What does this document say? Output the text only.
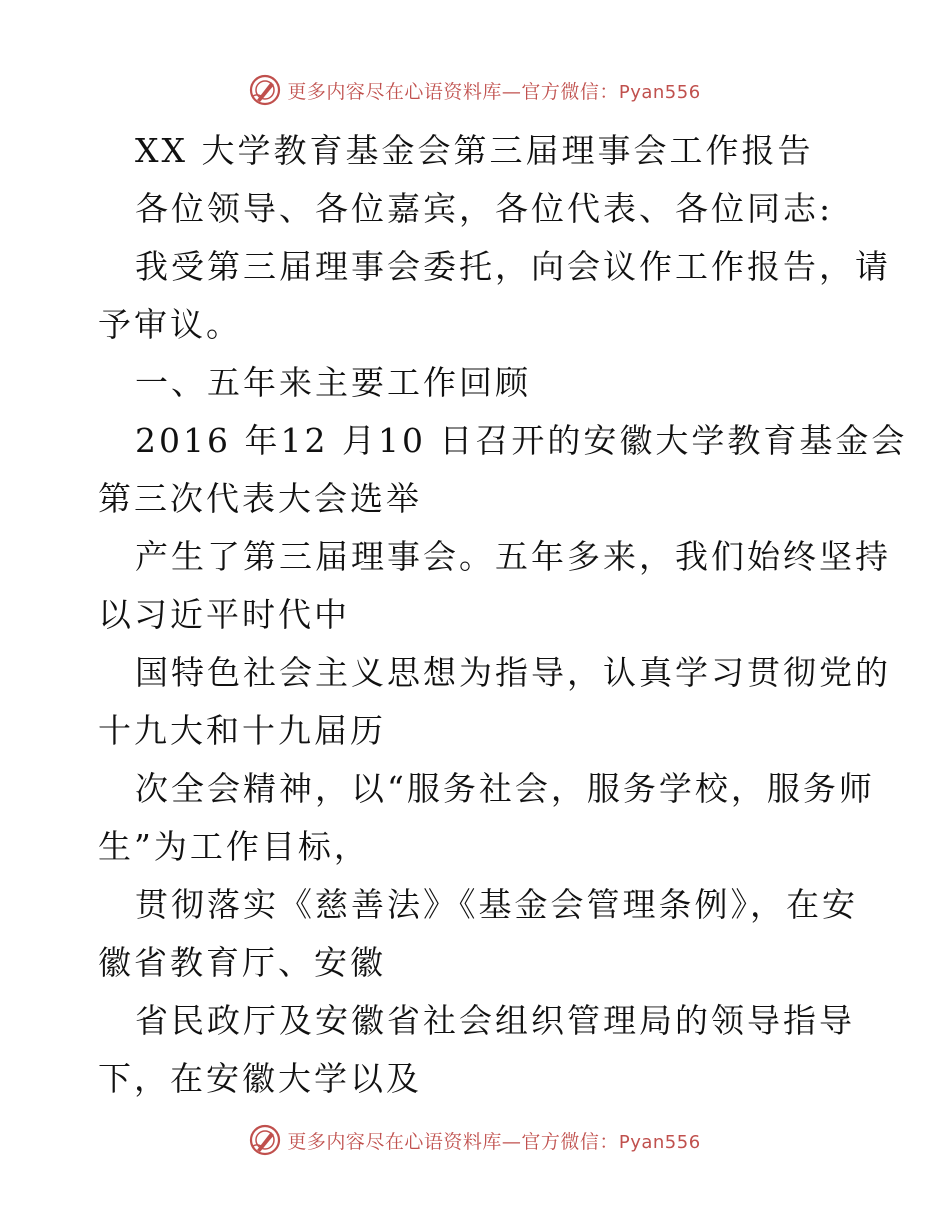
更多内容尽在心语资料库—官方微信：Pyan556
XX 大学教育基金会第三届理事会工作报告
各位领导、各位嘉宾，各位代表、各位同志:
我受第三届理事会委托，向会议作工作报告，请
予审议。
一、五年来主要工作回顾
2016 年12 月10 日召开的安徽大学教育基金会
第三次代表大会选举
产生了第三届理事会。五年多来，我们始终坚持
以习近平时代中
国特色社会主义思想为指导，认真学习贯彻党的
十九大和十九届历
次全会精神，以“服务社会，服务学校，服务师
生”为工作目标，
贯彻落实《慈善法》《基金会管理条例》，在安
徽省教育厅、安徽
省民政厅及安徽省社会组织管理局的领导指导
下，在安徽大学以及
更多内容尽在心语资料库—官方微信：Pyan556
